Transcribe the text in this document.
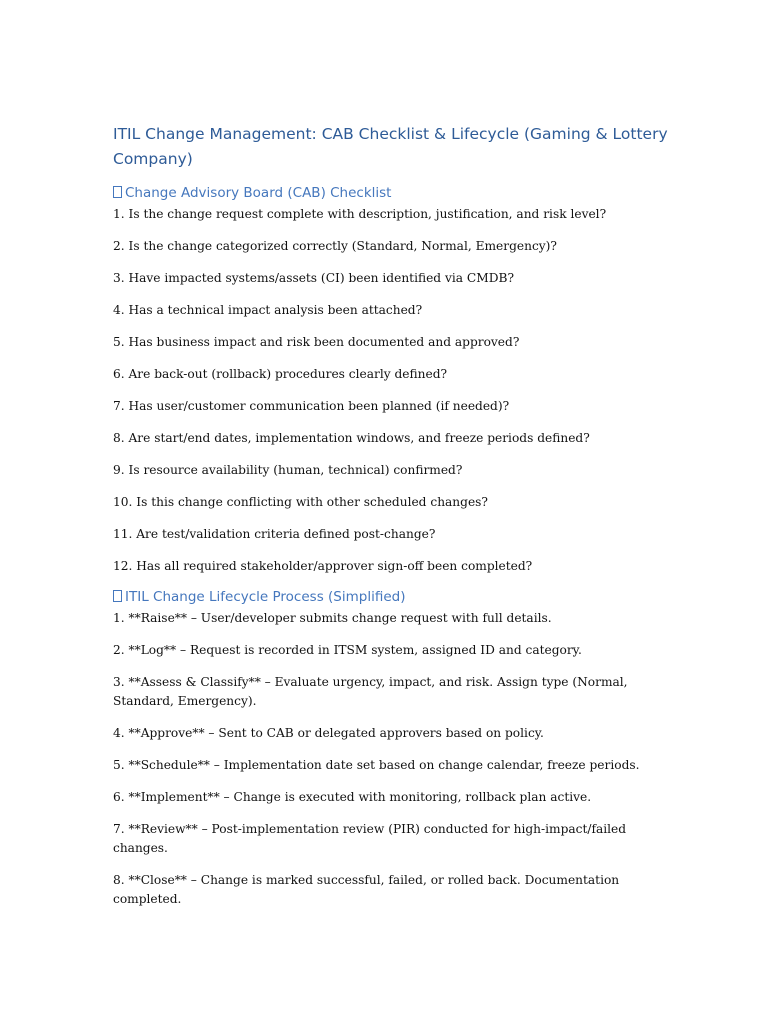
ITIL Change Management: CAB Checklist & Lifecycle (Gaming & Lottery Company)
Change Advisory Board (CAB) Checklist
1. Is the change request complete with description, justification, and risk level?
2. Is the change categorized correctly (Standard, Normal, Emergency)?
3. Have impacted systems/assets (CI) been identified via CMDB?
4. Has a technical impact analysis been attached?
5. Has business impact and risk been documented and approved?
6. Are back-out (rollback) procedures clearly defined?
7. Has user/customer communication been planned (if needed)?
8. Are start/end dates, implementation windows, and freeze periods defined?
9. Is resource availability (human, technical) confirmed?
10. Is this change conflicting with other scheduled changes?
11. Are test/validation criteria defined post-change?
12. Has all required stakeholder/approver sign-off been completed?
ITIL Change Lifecycle Process (Simplified)
1. **Raise** – User/developer submits change request with full details.
2. **Log** – Request is recorded in ITSM system, assigned ID and category.
3. **Assess & Classify** – Evaluate urgency, impact, and risk. Assign type (Normal, Standard, Emergency).
4. **Approve** – Sent to CAB or delegated approvers based on policy.
5. **Schedule** – Implementation date set based on change calendar, freeze periods.
6. **Implement** – Change is executed with monitoring, rollback plan active.
7. **Review** – Post-implementation review (PIR) conducted for high-impact/failed changes.
8. **Close** – Change is marked successful, failed, or rolled back. Documentation completed.
